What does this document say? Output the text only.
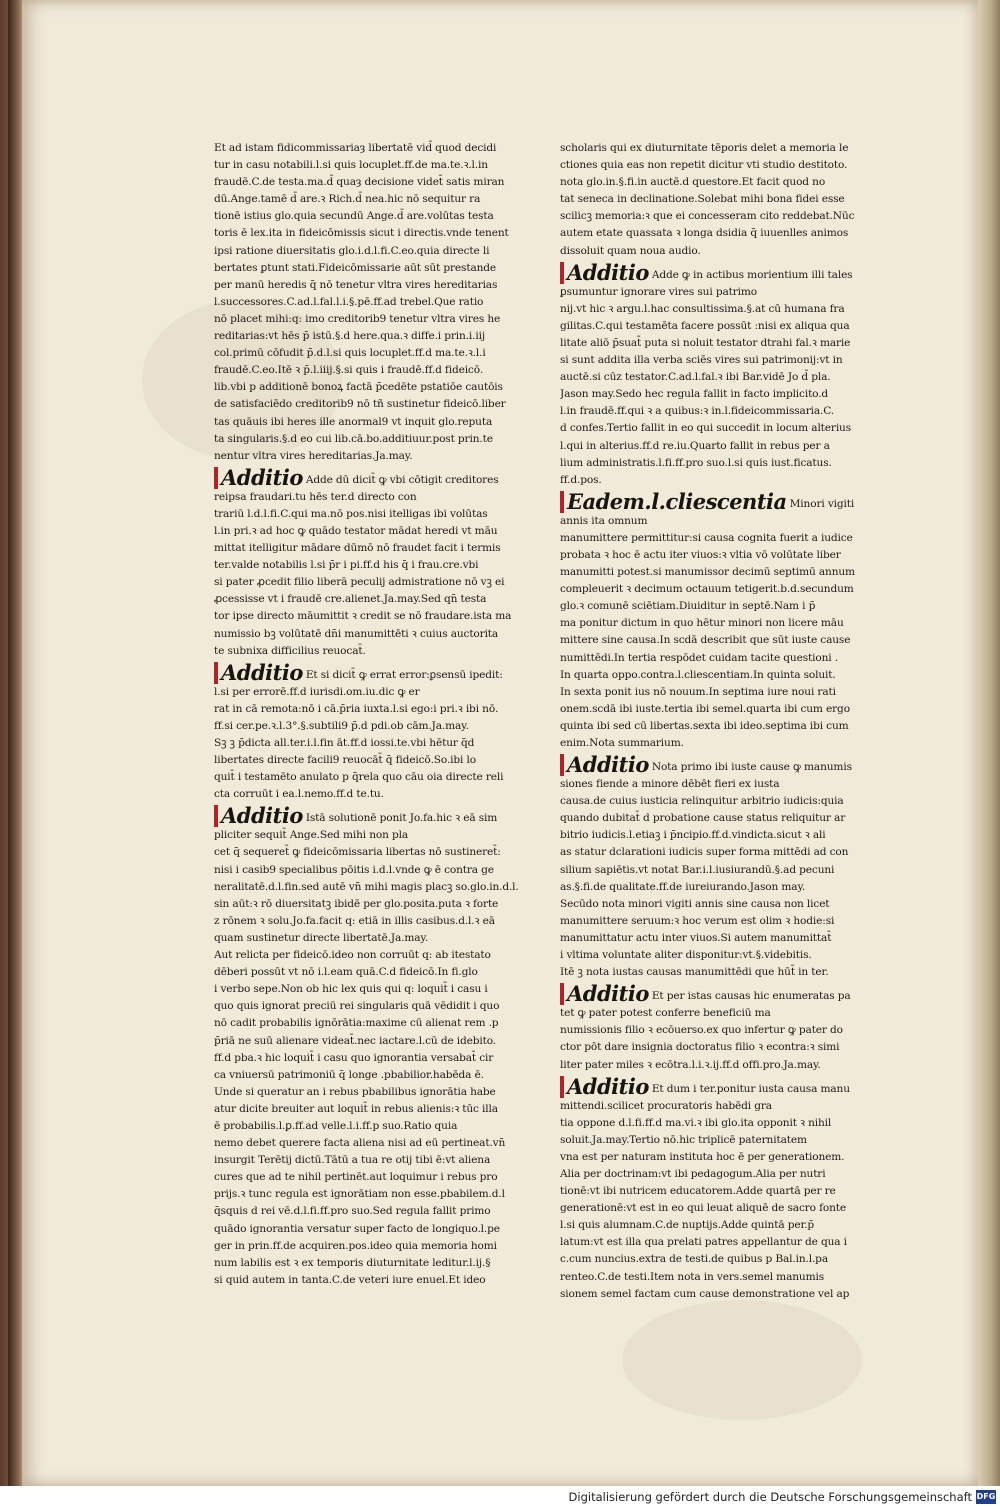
Et ad istam fidicommissariaȝ libertatē vid̄ quod decidi
tur in casu notabili.l.si quis locuplet.ff.de ma.te.ꝛ.l.in
fraudē.C.de testa.ma.d̄ quaȝ decisione videt̄ satis miran
dū.Ange.tamē d̄ are.ꝛ Rich.d̄ nea.hic nō sequitur ra
tionē istius glo.quia secundū Ange.d̄ are.volūtas testa
toris ē lex.ita in fideicōmissis sicut i directis.vnde tenent
ipsi ratione diuersitatis glo.i.d.l.fi.C.eo.quia directe li
bertates ꝑtunt stati.Fideicōmissarie aūt sūt prestande
per manū heredis q̄ nō tenetur vltra vires hereditarias
l.successores.C.ad.l.fal.l.i.§.pē.ff.ad trebel.Que ratio
nō placet mihi:q: imo creditorib9 tenetur vltra vires he
reditarias:vt hēs p̄ istū.§.d here.qua.ꝛ diffe.i prin.i.iij
col.primū cōfudit p̄.d.l.si quis locuplet.ff.d ma.te.ꝛ.l.i
fraudē.C.eo.Itē ꝛ p̄.l.iiij.§.si quis i fraudē.ff.d fideicō.
lib.vbi p additionē bonoꝝ factā p̄cedēte pstatiōe cautōis
de satisfaciēdo creditorib9 nō tñ sustinetur fideicō.liber
tas quāuis ibi heres ille anormal9 vt inquit glo.reputa
ta singularis.§.d eo cui lib.cā.bo.additiuur.post prin.te
nentur vltra vires hereditarias.Ja.may.
Additio Adde dū dicit̄ ꝙ vbi cōtigit creditores
reipsa fraudari.tu hēs ter.d directo con
trariū l.d.l.fi.C.qui ma.nō pos.nisi itelligas ibi volūtas
l.in pri.ꝛ ad hoc ꝙ quādo testator mādat heredi vt māu
mittat itelligitur mādare dūmō nō fraudet facit i termis
ter.valde notabilis l.si p̄r i pi.ff.d his q̄ i frau.cre.vbi
si pater ꝓcedit filio liberā peculij admistratione nō vꝫ ei
ꝓcessisse vt i fraudē cre.alienet.Ja.may.Sed qn̄ testa
tor ipse directo māumittit ꝛ credit se nō fraudare.ista ma
numissio bꝫ volūtatē dn̄i manumittēti ꝛ cuius auctorita
te subnixa difficilius reuocat̄.
Additio Et si dicit̄ ꝙ errat error:ꝑsensū ipedit:
l.si per errorē.ff.d iurisdi.om.iu.dic ꝙ er
rat in cā remota:nō i cā.p̄ria iuxta.l.si ego:i pri.ꝛ ibi nō.
ff.si cer.pe.ꝛ.l.3°.§.subtili9 p̄.d pdi.ob cām.Ja.may.
Sꝫ ꝫ p̄dicta all.ter.i.l.fin āt.ff.d iossi.te.vbi hētur q̄d
libertates directe facili9 reuocāt̄ q̄ fideicō.So.ibi lo
quit̄ i testamēto anulato p q̄rela quo cāu oia directe reli
cta corruūt i ea.l.nemo.ff.d te.tu.
Additio Istā solutionē ponit Jo.fa.hic ꝛ eā sim
pliciter sequit̄ Ange.Sed mihi non pla
cet q̄ sequeret̄ ꝙ fideicōmissaria libertas nō sustineret̄:
nisi i casib9 specialibus pōitis i.d.l.vnde ꝙ ē contra ge
neralitatē.d.l.fin.sed autē vn̄ mihi magis placꝫ so.glo.in.d.l.
sin aūt:ꝛ rō diuersitatꝫ ibidē per glo.posita.puta ꝛ forte
z rōnem ꝛ solu.Jo.fa.facit q: etiā in illis casibus.d.l.ꝛ eā
quam sustinetur directe libertatē.Ja.may.
Aut relicta per fideicō.ideo non corruūt q: ab itestato
dēberi possūt vt nō i.l.eam quā.C.d fideicō.In fi.glo
i verbo sepe.Non ob hic lex quis qui q: loquit̄ i casu i
quo quis ignorat preciū rei singularis quā vēdidit i quo
nō cadit probabilis ignōrātia:maxime cū alienat rem .p
p̄riā ne suū alienare videat̄.nec iactare.l.cū de idebito.
ff.d pba.ꝛ hic loquit̄ i casu quo ignorantia versabat̄ cir
ca vniuersū patrimoniū q̄ longe .pbabilior.habēda ē.
Unde si queratur an i rebus pbabilibus ignorātia habe
atur dicite breuiter aut loquit̄ in rebus alienis:ꝛ tūc illa
ē probabilis.l.ꝑ.ff.ad velle.l.i.ff.p suo.Ratio quia
nemo debet querere facta aliena nisi ad eū pertineat.vn̄
insurgit Terētij dictū.Tātū a tua re otij tibi ē:vt aliena
cures que ad te nihil pertinēt.aut loquimur i rebus pro
prijs.ꝛ tunc regula est ignorātiam non esse.pbabilem.d.l
q̄squis d rei vē.d.l.fi.ff.pro suo.Sed regula fallit primo
quādo ignorantia versatur super facto de longiquo.l.pe
ger in prin.ff.de acquiren.pos.ideo quia memoria homi
num labilis est ꝛ ex temporis diuturnitate leditur.l.ij.§
si quid autem in tanta.C.de veteri iure enuel.Et ideo
scholaris qui ex diuturnitate tēporis delet a memoria le
ctiones quia eas non repetit dicitur vti studio destitoto.
nota glo.in.§.fi.in auctē.d questore.Et facit quod no
tat seneca in declinatione.Solebat mihi bona fidei esse
scilicꝫ memoria:ꝛ que ei concesseram cito reddebat.Nūc
autem etate quassata ꝛ longa dsidia q̄ iuuenlles animos
dissoluit quam noua audio.
Additio Adde ꝙ in actibus morientium illi tales
ꝑsumuntur ignorare vires sui patrimo
nij.vt hic ꝛ argu.l.hac consultissima.§.at cū humana fra
gilitas.C.qui testamēta facere possūt :nisi ex aliqua qua
litate aliō p̄suat̄ puta si noluit testator dtrahi fal.ꝛ marie
si sunt addita illa verba sciēs vires sui patrimonij:vt in
auctē.si cūz testator.C.ad.l.fal.ꝛ ibi Bar.vidē Jo d̄ pla.
Jason may.Sedo hec regula fallit in facto implicito.d
l.in fraudē.ff.qui ꝛ a quibus:ꝛ in.l.fideicommissaria.C.
d confes.Tertio fallit in eo qui succedit in locum alterius
l.qui in alterius.ff.d re.iu.Quarto fallit in rebus per a
lium administratis.l.fi.ff.pro suo.l.si quis iust.ficatus.
ff.d.pos.
Eadem.l.cliescentia Minori vigiti
annis ita omnum
manumittere permittitur:si causa cognita fuerit a iudice
probata ꝛ hoc ē actu iter viuos:ꝛ vltia vō volūtate liber
manumitti potest.si manumissor decimū septimū annum
compleuerit ꝛ decimum octauum tetigerit.b.d.secundum
glo.ꝛ comunē sciētiam.Diuiditur in septē.Nam i p̄
ma ponitur dictum in quo hētur minori non licere māu
mittere sine causa.In scdā describit que sūt iuste cause
numittēdi.In tertia respōdet cuidam tacite questioni .
In quarta oppo.contra.l.cliescentiam.In quinta soluit.
In sexta ponit ius nō nouum.In septima iure noui rati
onem.scdā ibi iuste.tertia ibi semel.quarta ibi cum ergo
quinta ibi sed cū libertas.sexta ibi ideo.septima ibi cum
enim.Nota summarium.
Additio Nota primo ibi iuste cause ꝙ manumis
siones fiende a minore dēbēt fieri ex iusta
causa.de cuius iusticia relinquitur arbitrio iudicis:quia
quando dubitat̄ d probatione cause status reliquitur ar
bitrio iudicis.l.etiaꝫ i p̄ncipio.ff.d.vindicta.sicut ꝛ ali
as statur dclarationi iudicis super forma mittēdi ad con
silium sapiētis.vt notat Bar.i.l.iusiurandū.§.ad pecuni
as.§.fi.de qualitate.ff.de iureiurando.Jason may.
Secūdo nota minori vigiti annis sine causa non licet
manumittere seruum:ꝛ hoc verum est olim ꝛ hodie:si
manumittatur actu inter viuos.Si autem manumittat̄
i vltima voluntate aliter disponitur:vt.§.videbitis.
Itē ꝫ nota iustas causas manumittēdi que hūt̄ in ter.
Additio Et per istas causas hic enumeratas pa
tet ꝙ pater potest conferre beneficiū ma
numissionis filio ꝛ ecōuerso.ex quo infertur ꝙ pater do
ctor pōt dare insignia doctoratus filio ꝛ econtra:ꝛ simi
liter pater miles ꝛ ecōtra.l.i.ꝛ.ij.ff.d offi.pro.Ja.may.
Additio Et dum i ter.ponitur iusta causa manu
mittendi.scilicet procuratoris habēdi gra
tia oppone d.l.fi.ff.d ma.vi.ꝛ ibi glo.ita opponit ꝛ nihil
soluit.Ja.may.Tertio nō.hic triplicē paternitatem
vna est per naturam instituta hoc ē per generationem.
Alia per doctrinam:vt ibi pedagogum.Alia per nutri
tionē:vt ibi nutricem educatorem.Adde quartā per re
generationē:vt est in eo qui leuat aliquē de sacro fonte
l.si quis alumnam.C.de nuptijs.Adde quintā per.p̄
latum:vt est illa qua prelati patres appellantur de qua i
c.cum nuncius.extra de testi.de quibus p Bal.in.l.pa
renteo.C.de testi.Item nota in vers.semel manumis
sionem semel factam cum cause demonstratione vel ap
Digitalisierung gefördert durch die Deutsche Forschungsgemeinschaft DFG
